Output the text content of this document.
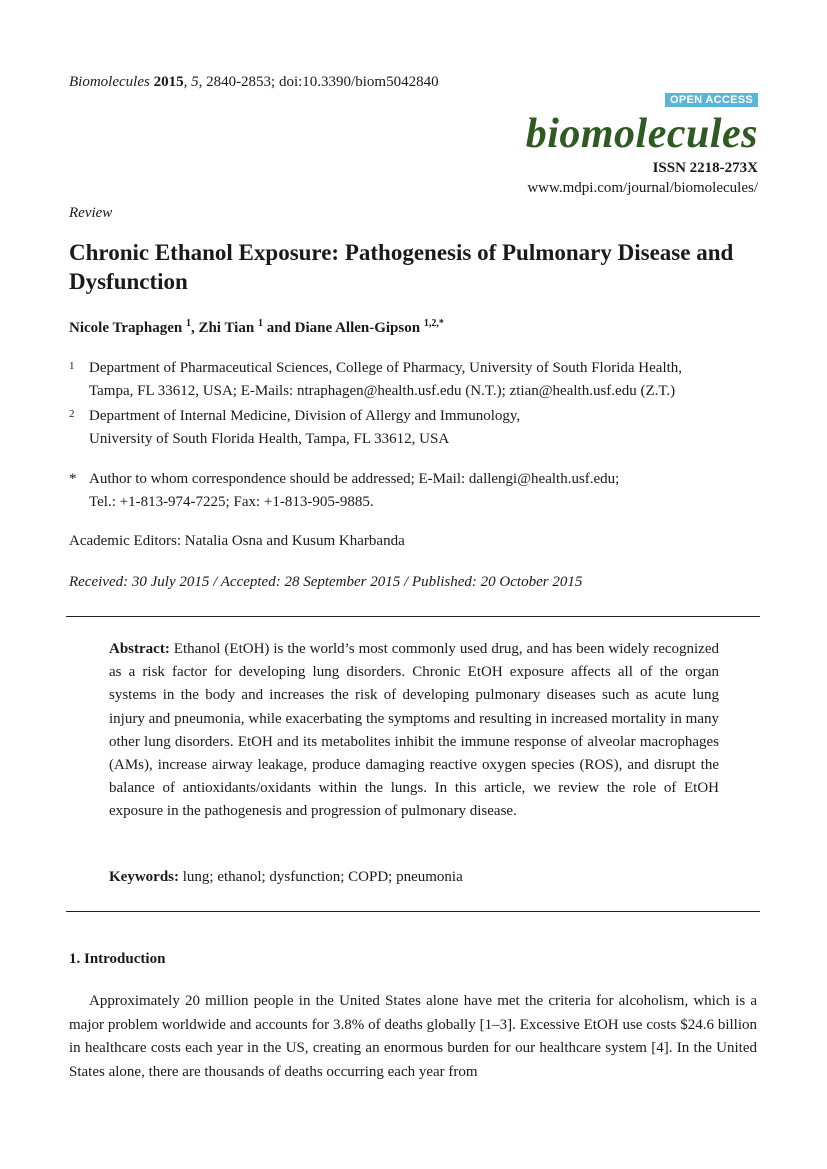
Biomolecules 2015, 5, 2840-2853; doi:10.3390/biom5042840
OPEN ACCESS
biomolecules
ISSN 2218-273X
www.mdpi.com/journal/biomolecules/
Review
Chronic Ethanol Exposure: Pathogenesis of Pulmonary Disease and Dysfunction
Nicole Traphagen $^1$, Zhi Tian $^1$ and Diane Allen-Gipson $^{1,2,*}$
1 Department of Pharmaceutical Sciences, College of Pharmacy, University of South Florida Health,
Tampa, FL 33612, USA; E-Mails: ntraphagen@health.usf.edu (N.T.); ztian@health.usf.edu (Z.T.)
2 Department of Internal Medicine, Division of Allergy and Immunology,
University of South Florida Health, Tampa, FL 33612, USA
* Author to whom correspondence should be addressed; E-Mail: dallengi@health.usf.edu;
Tel.: +1-813-974-7225; Fax: +1-813-905-9885.
Academic Editors: Natalia Osna and Kusum Kharbanda
Received: 30 July 2015 / Accepted: 28 September 2015 / Published: 20 October 2015
Abstract: Ethanol (EtOH) is the world’s most commonly used drug, and has been widely recognized as a risk factor for developing lung disorders. Chronic EtOH exposure affects all of the organ systems in the body and increases the risk of developing pulmonary diseases such as acute lung injury and pneumonia, while exacerbating the symptoms and resulting in increased mortality in many other lung disorders. EtOH and its metabolites inhibit the immune response of alveolar macrophages (AMs), increase airway leakage, produce damaging reactive oxygen species (ROS), and disrupt the balance of antioxidants/oxidants within the lungs. In this article, we review the role of EtOH exposure in the pathogenesis and progression of pulmonary disease.
Keywords: lung; ethanol; dysfunction; COPD; pneumonia
1. Introduction
Approximately 20 million people in the United States alone have met the criteria for alcoholism, which is a major problem worldwide and accounts for 3.8% of deaths globally [1–3]. Excessive EtOH use costs $24.6 billion in healthcare costs each year in the US, creating an enormous burden for our healthcare system [4]. In the United States alone, there are thousands of deaths occurring each year from
